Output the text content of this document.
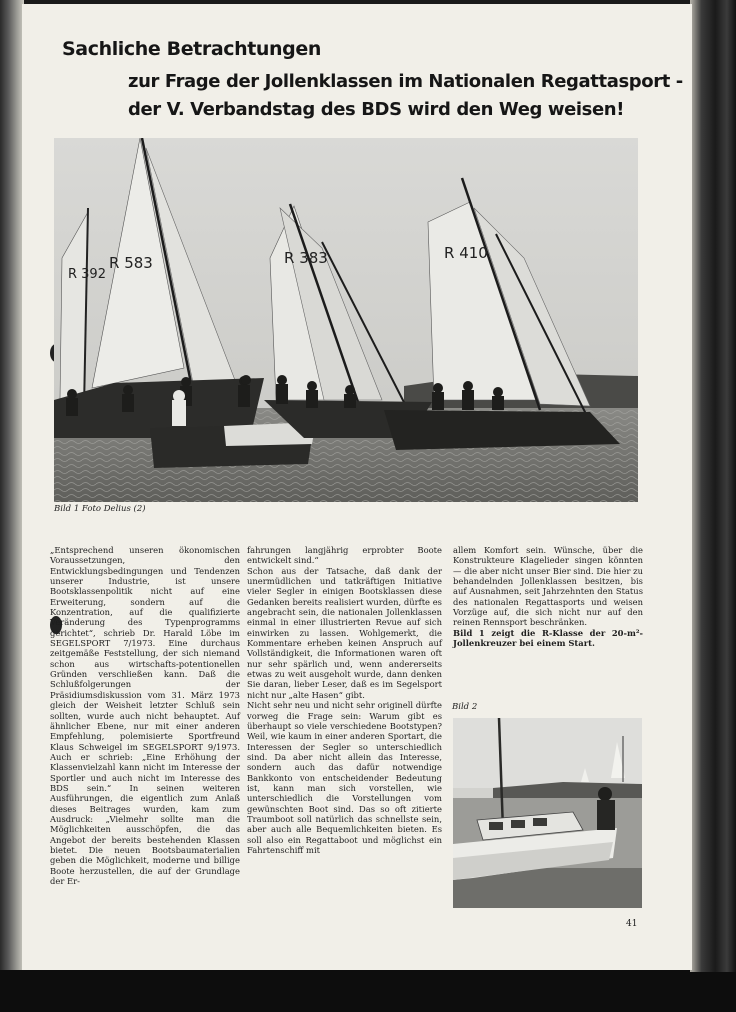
Sachliche Betrachtungen
zur Frage der Jollenklassen im Nationalen Regattasport -
der V. Verbandstag des BDS wird den Weg weisen!
R 392
R 583	R 383	R 410
Bild 1 Foto Delius (2)

„Entsprechend unseren ökonomischen Voraussetzungen, den Entwicklungsbedingungen und Tendenzen unserer Industrie, ist unsere Bootsklassenpolitik nicht auf eine Erweiterung, sondern auf die Konzentration, auf die qualifizierte Veränderung des Typenprogramms gerichtet“, schrieb Dr. Harald Löbe im SEGELSPORT 7/1973. Eine durchaus zeitgemäße Feststellung, der sich niemand schon aus wirtschafts-potentionellen Gründen verschließen kann. Daß die Schlußfolgerungen der Präsidiumsdiskussion vom 31. März 1973 gleich der Weisheit letzter Schluß sein sollten, wurde auch nicht behauptet. Auf ähnlicher Ebene, nur mit einer anderen Empfehlung, polemisierte Sportfreund Klaus Schweigel im SEGELSPORT 9/1973. Auch er schrieb: „Eine Erhöhung der Klassenvielzahl kann nicht im Interesse der Sportler und auch nicht im Interesse des BDS sein.“ In seinen weiteren Ausführungen, die eigentlich zum Anlaß dieses Beitrages wurden, kam zum Ausdruck: „Vielmehr sollte man die Möglichkeiten ausschöpfen, die das Angebot der bereits bestehenden Klassen bietet. Die neuen Bootsbaumaterialien geben die Möglichkeit, moderne und billige Boote herzustellen, die auf der Grundlage der Er-

fahrungen langjährig erprobter Boote entwickelt sind.“

Schon aus der Tatsache, daß dank der unermüdlichen und tatkräftigen Initiative vieler Segler in einigen Bootsklassen diese Gedanken bereits realisiert wurden, dürfte es angebracht sein, die nationalen Jollenklassen einmal in einer illustrierten Revue auf sich einwirken zu lassen. Wohlgemerkt, die Kommentare erheben keinen Anspruch auf Vollständigkeit, die Informationen waren oft nur sehr spärlich und, wenn andererseits etwas zu weit ausgeholt wurde, dann denken Sie daran, lieber Leser, daß es im Segelsport nicht nur „alte Hasen“ gibt.

Nicht sehr neu und nicht sehr originell dürfte vorweg die Frage sein: Warum gibt es überhaupt so viele verschiedene Bootstypen? Weil, wie kaum in einer anderen Sportart, die Interessen der Segler so unterschiedlich sind. Da aber nicht allein das Interesse, sondern auch das dafür notwendige Bankkonto von entscheidender Bedeutung ist, kann man sich vorstellen, wie unterschiedlich die Vorstellungen vom gewünschten Boot sind. Das so oft zitierte Traumboot soll natürlich das schnellste sein, aber auch alle Bequemlichkeiten bieten. Es soll also ein Regattaboot und möglichst ein Fahrtenschiff mit

allem Komfort sein. Wünsche, über die Konstrukteure Klagelieder singen könnten — die aber nicht unser Bier sind. Die hier zu behandelnden Jollenklassen besitzen, bis auf Ausnahmen, seit Jahrzehnten den Status des nationalen Regattasports und weisen Vorzüge auf, die sich nicht nur auf den reinen Rennsport beschränken.

Bild 1 zeigt die R-Klasse der 20-m²-Jollenkreuzer bei einem Start.

Bild 2
41
